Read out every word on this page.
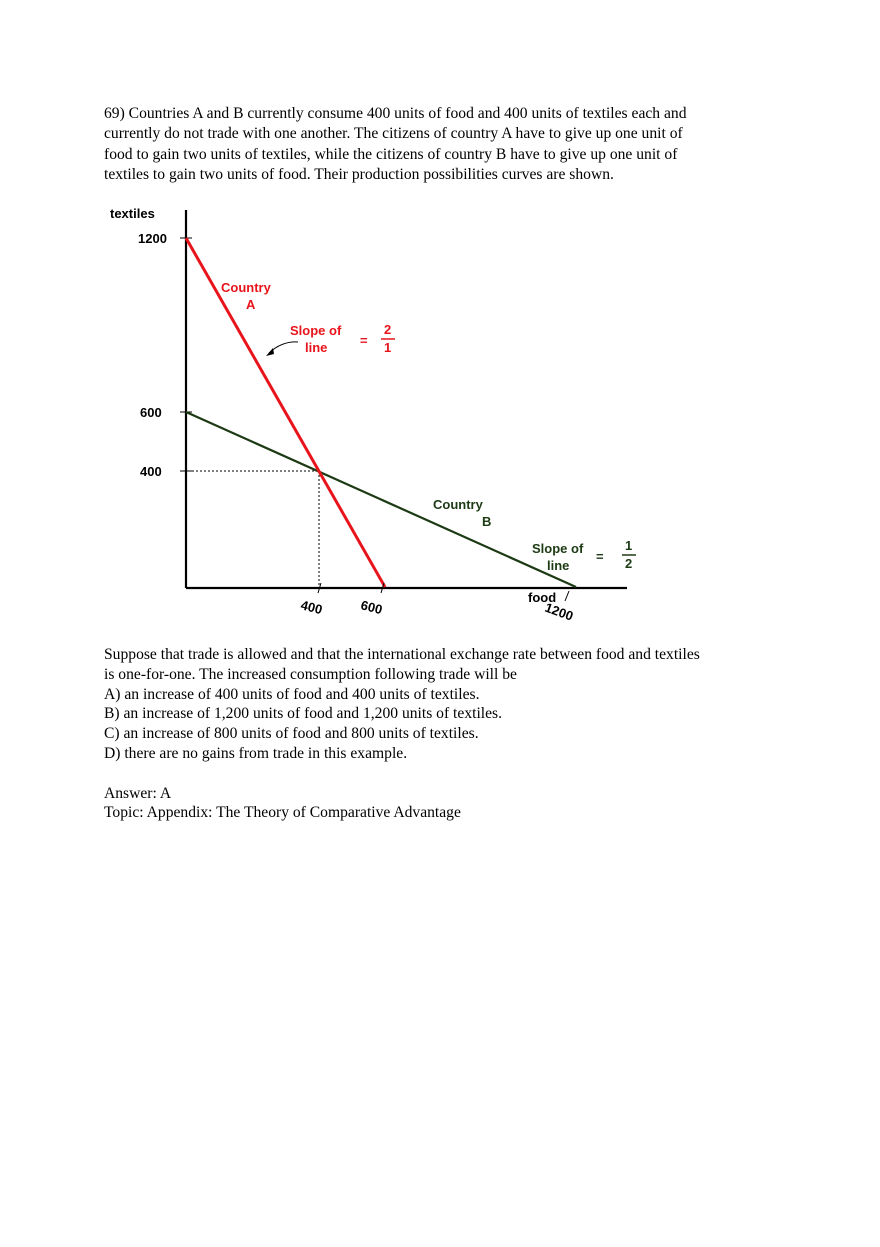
69) Countries A and B currently consume 400 units of food and 400 units of textiles each and

currently do not trade with one another. The citizens of country A have to give up one unit of

food to gain two units of textiles, while the citizens of country B have to give up one unit of

textiles to gain two units of food. Their production possibilities curves are shown.

textiles
1200
600
400
400	600	food
1200
Country
A
Slope of
line	=
2
1
Country
B
Slope of
line
=
1
2
Suppose that trade is allowed and that the international exchange rate between food and textiles
is one-for-one. The increased consumption following trade will be
A) an increase of 400 units of food and 400 units of textiles.
B) an increase of 1,200 units of food and 1,200 units of textiles.
C) an increase of 800 units of food and 800 units of textiles.
D) there are no gains from trade in this example.
Answer: A
Topic: Appendix: The Theory of Comparative Advantage
